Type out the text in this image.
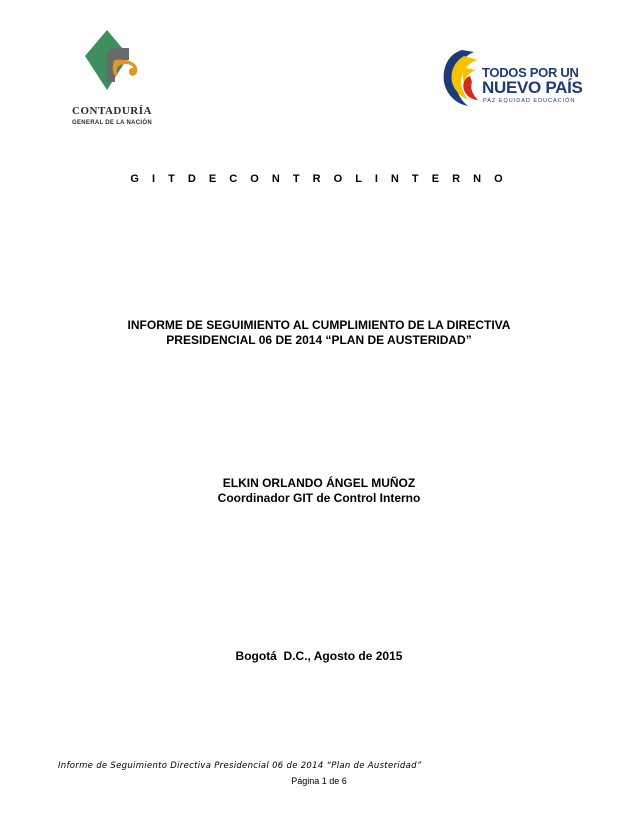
CONTADURÍA
GENERAL DE LA NACIÓN
TODOS POR UN
NUEVO PAÍS
PAZ EQUIDAD EDUCACIÓN
G I T D E C O N T R O L I N T E R N O
INFORME DE SEGUIMIENTO AL CUMPLIMIENTO DE LA DIRECTIVA
PRESIDENCIAL 06 DE 2014 “PLAN DE AUSTERIDAD”
ELKIN ORLANDO ÁNGEL MUÑOZ
Coordinador GIT de Control Interno
Bogotá  D.C., Agosto de 2015
Informe de Seguimiento Directiva Presidencial 06 de 2014 “Plan de Austeridad”
Página 1 de 6
